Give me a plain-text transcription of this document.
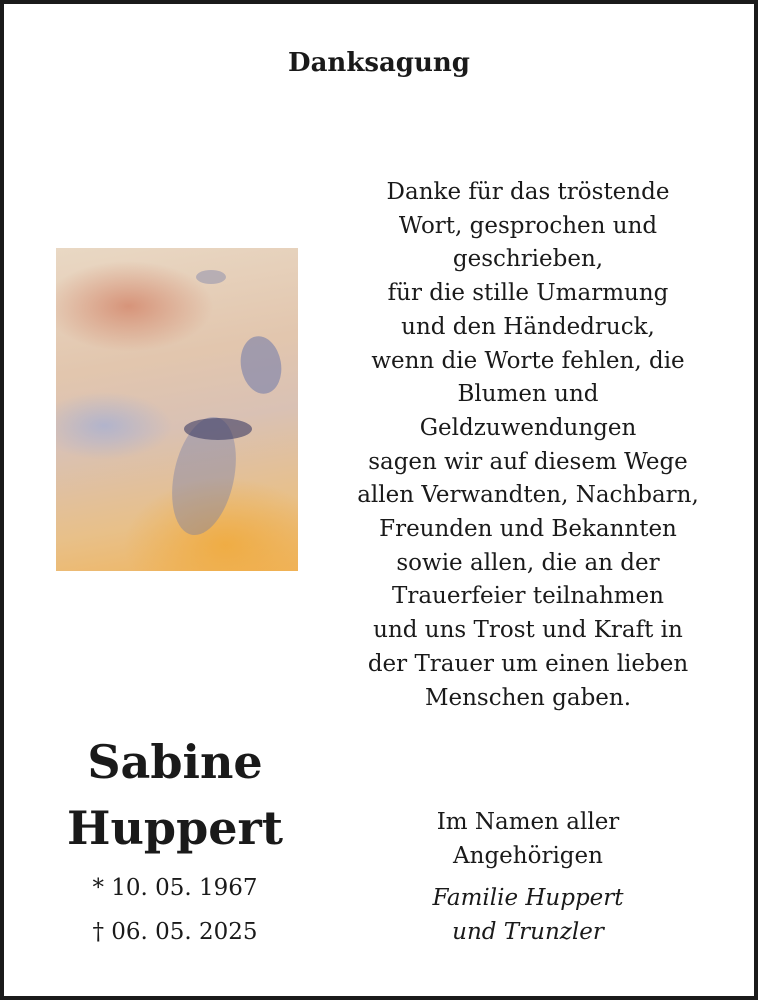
Danksagung
Danke für das tröstende
Wort, gesprochen und
geschrieben,
für die stille Umarmung
und den Händedruck,
wenn die Worte fehlen, die
Blumen und
Geldzuwendungen
sagen wir auf diesem Wege
allen Verwandten, Nachbarn,
Freunden und Bekannten
sowie allen, die an der
Trauerfeier teilnahmen
und uns Trost und Kraft in
der Trauer um einen lieben
Menschen gaben.
Sabine
Huppert
* 10. 05. 1967
† 06. 05. 2025
Im Namen aller
Angehörigen
Familie Huppert
und Trunzler
